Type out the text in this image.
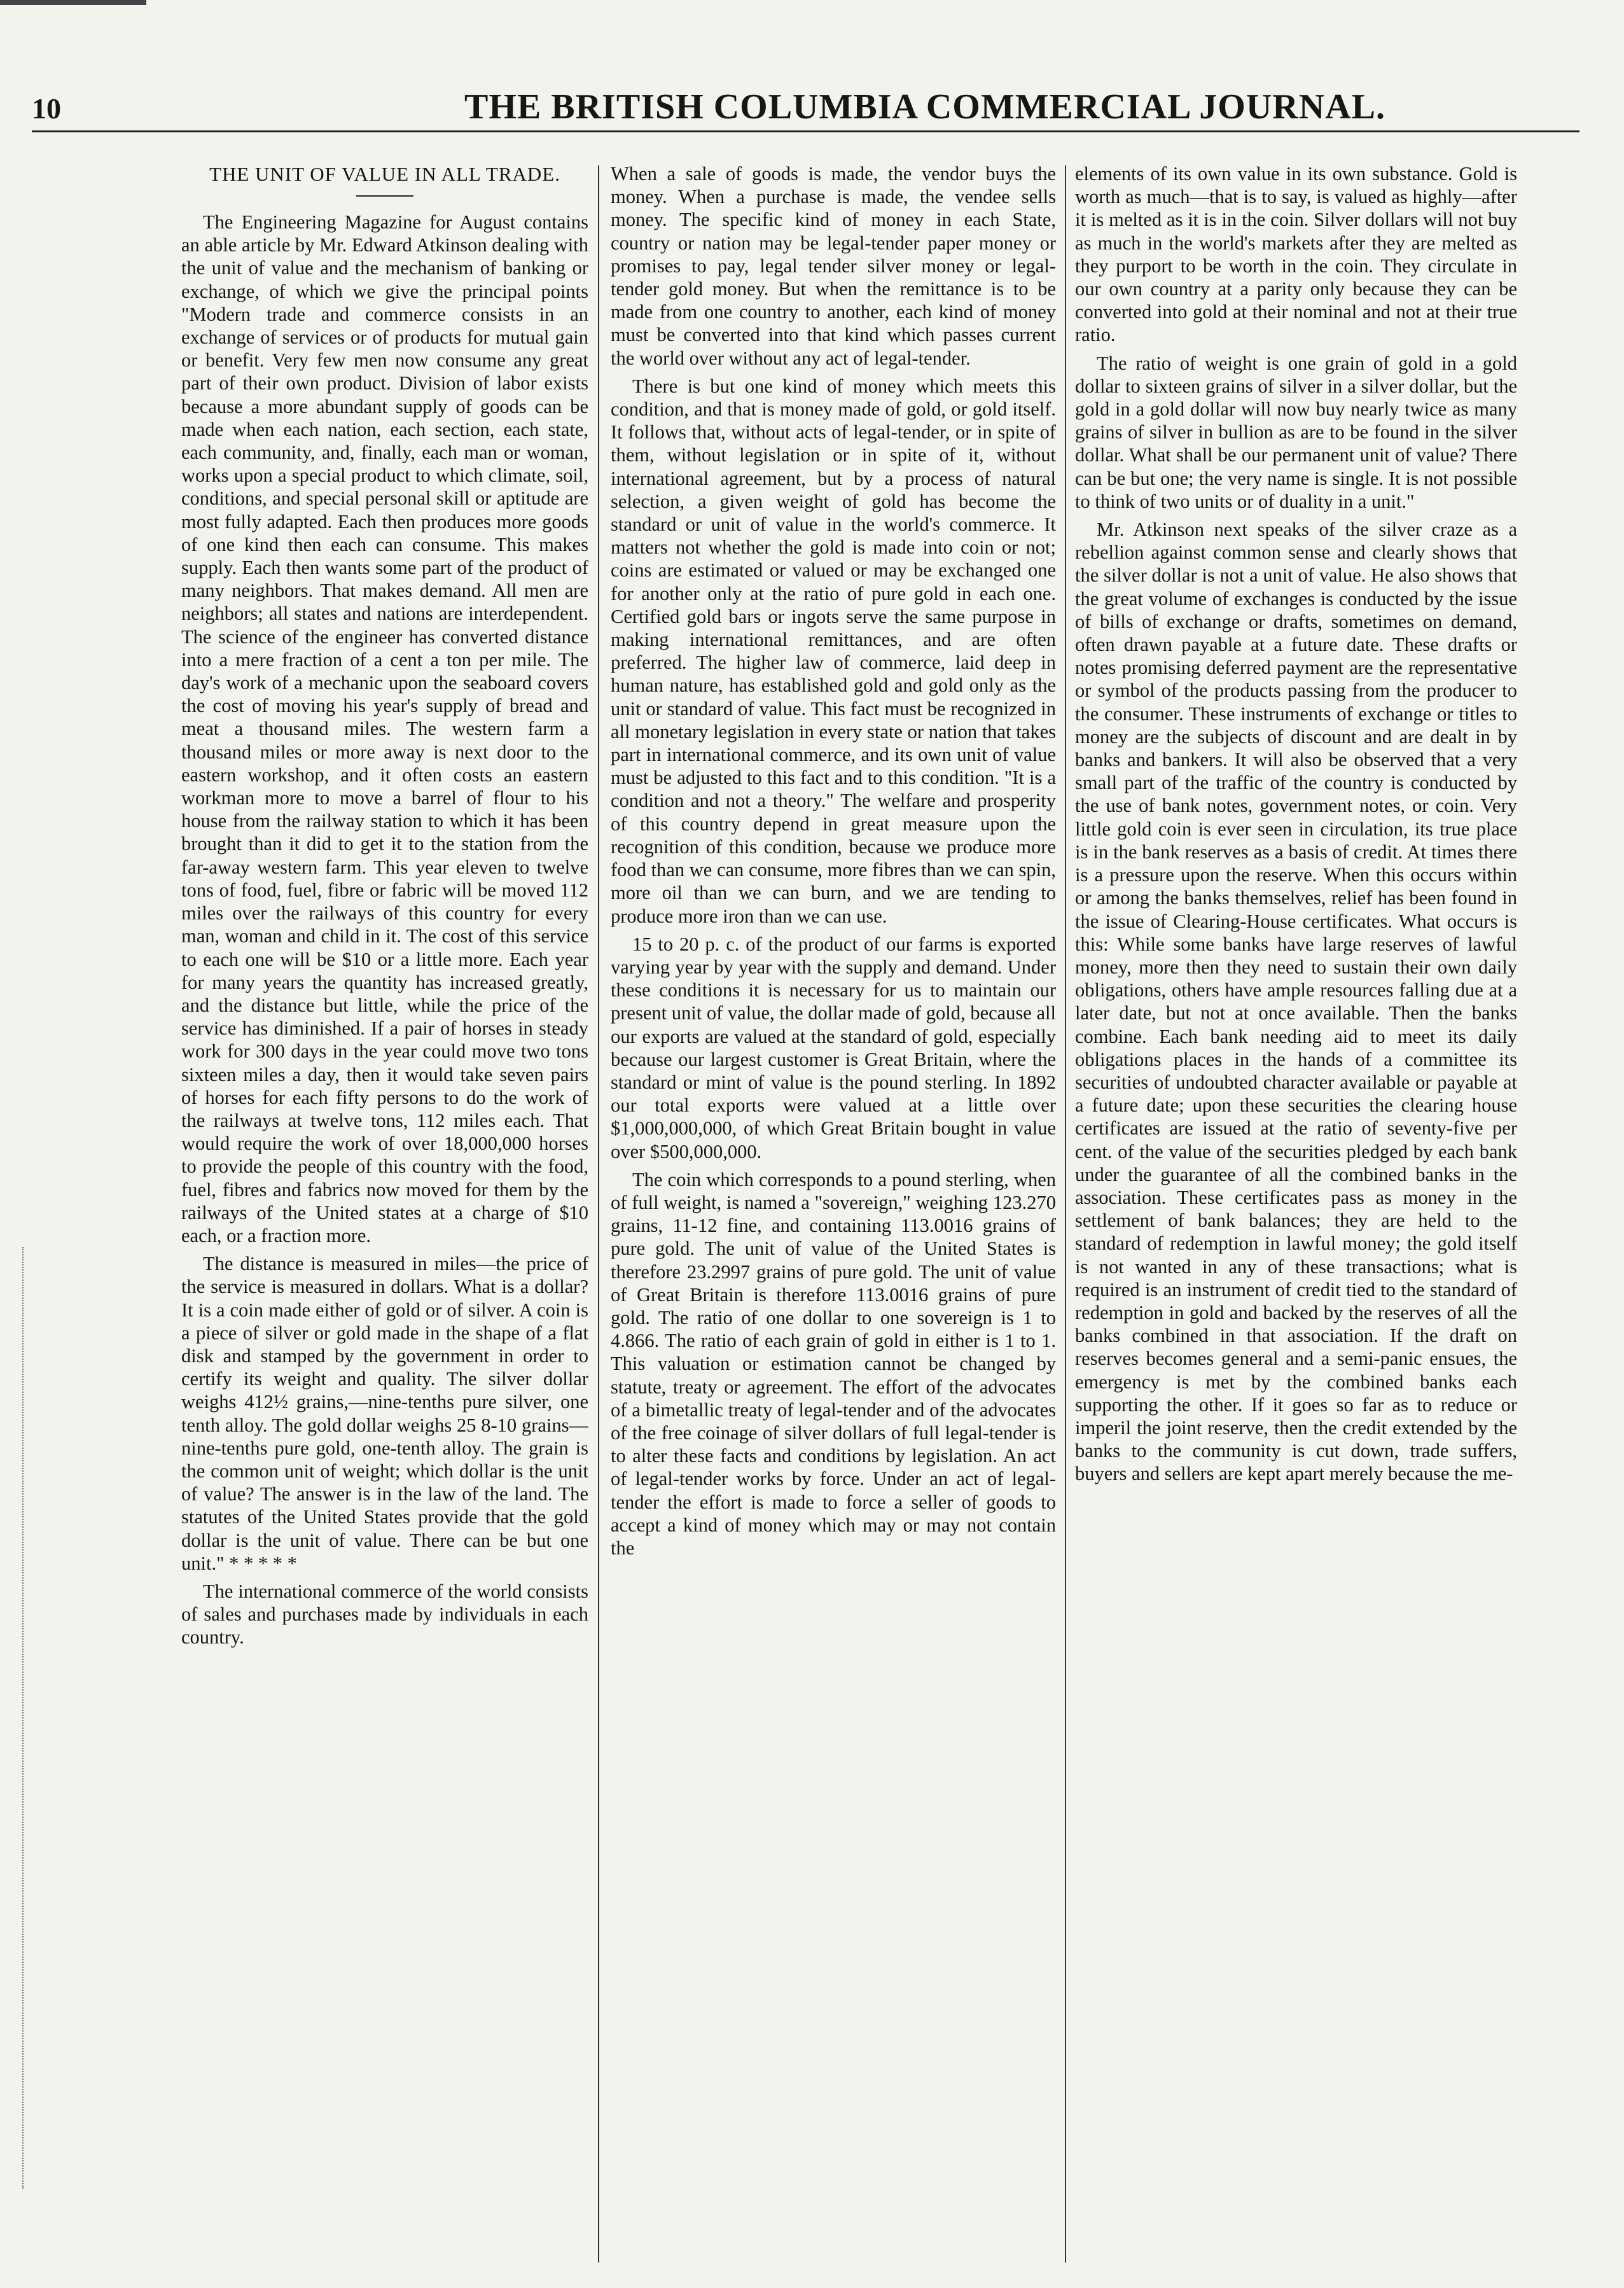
10	THE BRITISH COLUMBIA COMMERCIAL JOURNAL.
THE UNIT OF VALUE IN ALL TRADE.

The Engineering Magazine for August contains an able article by Mr. Edward Atkinson dealing with the unit of value and the mechanism of banking or exchange, of which we give the principal points "Modern trade and commerce consists in an exchange of services or of products for mutual gain or benefit. Very few men now consume any great part of their own product. Division of labor exists because a more abundant supply of goods can be made when each nation, each section, each state, each community, and, finally, each man or woman, works upon a special product to which climate, soil, conditions, and special personal skill or aptitude are most fully adapted. Each then produces more goods of one kind then each can consume. This makes supply. Each then wants some part of the product of many neighbors. That makes demand. All men are neighbors; all states and nations are interdependent. The science of the engineer has converted distance into a mere fraction of a cent a ton per mile. The day's work of a mechanic upon the seaboard covers the cost of moving his year's supply of bread and meat a thousand miles. The western farm a thousand miles or more away is next door to the eastern workshop, and it often costs an eastern workman more to move a barrel of flour to his house from the railway station to which it has been brought than it did to get it to the station from the far-away western farm. This year eleven to twelve tons of food, fuel, fibre or fabric will be moved 112 miles over the railways of this country for every man, woman and child in it. The cost of this service to each one will be $10 or a little more. Each year for many years the quantity has increased greatly, and the distance but little, while the price of the service has diminished. If a pair of horses in steady work for 300 days in the year could move two tons sixteen miles a day, then it would take seven pairs of horses for each fifty persons to do the work of the railways at twelve tons, 112 miles each. That would require the work of over 18,000,000 horses to provide the people of this country with the food, fuel, fibres and fabrics now moved for them by the railways of the United states at a charge of $10 each, or a fraction more.

The distance is measured in miles—the price of the service is measured in dollars. What is a dollar? It is a coin made either of gold or of silver. A coin is a piece of silver or gold made in the shape of a flat disk and stamped by the government in order to certify its weight and quality. The silver dollar weighs 412½ grains,—nine-tenths pure silver, one tenth alloy. The gold dollar weighs 25 8-10 grains—nine-tenths pure gold, one-tenth alloy. The grain is the common unit of weight; which dollar is the unit of value? The answer is in the law of the land. The statutes of the United States provide that the gold dollar is the unit of value. There can be but one unit." * * * * *

The international commerce of the world consists of sales and purchases made by individuals in each country.

When a sale of goods is made, the vendor buys the money. When a purchase is made, the vendee sells money. The specific kind of money in each State, country or nation may be legal-tender paper money or promises to pay, legal tender silver money or legal-tender gold money. But when the remittance is to be made from one country to another, each kind of money must be converted into that kind which passes current the world over without any act of legal-tender.

There is but one kind of money which meets this condition, and that is money made of gold, or gold itself. It follows that, without acts of legal-tender, or in spite of them, without legislation or in spite of it, without international agreement, but by a process of natural selection, a given weight of gold has become the standard or unit of value in the world's commerce. It matters not whether the gold is made into coin or not; coins are estimated or valued or may be exchanged one for another only at the ratio of pure gold in each one. Certified gold bars or ingots serve the same purpose in making international remittances, and are often preferred. The higher law of commerce, laid deep in human nature, has established gold and gold only as the unit or standard of value. This fact must be recognized in all monetary legislation in every state or nation that takes part in international commerce, and its own unit of value must be adjusted to this fact and to this condition. "It is a condition and not a theory." The welfare and prosperity of this country depend in great measure upon the recognition of this condition, because we produce more food than we can consume, more fibres than we can spin, more oil than we can burn, and we are tending to produce more iron than we can use.

15 to 20 p. c. of the product of our farms is exported varying year by year with the supply and demand. Under these conditions it is necessary for us to maintain our present unit of value, the dollar made of gold, because all our exports are valued at the standard of gold, especially because our largest customer is Great Britain, where the standard or mint of value is the pound sterling. In 1892 our total exports were valued at a little over $1,000,000,000, of which Great Britain bought in value over $500,000,000.

The coin which corresponds to a pound sterling, when of full weight, is named a "sovereign," weighing 123.270 grains, 11-12 fine, and containing 113.0016 grains of pure gold. The unit of value of the United States is therefore 23.2997 grains of pure gold. The unit of value of Great Britain is therefore 113.0016 grains of pure gold. The ratio of one dollar to one sovereign is 1 to 4.866. The ratio of each grain of gold in either is 1 to 1. This valuation or estimation cannot be changed by statute, treaty or agreement. The effort of the advocates of a bimetallic treaty of legal-tender and of the advocates of the free coinage of silver dollars of full legal-tender is to alter these facts and conditions by legislation. An act of legal-tender works by force. Under an act of legal-tender the effort is made to force a seller of goods to accept a kind of money which may or may not contain the

elements of its own value in its own substance. Gold is worth as much—that is to say, is valued as highly—after it is melted as it is in the coin. Silver dollars will not buy as much in the world's markets after they are melted as they purport to be worth in the coin. They circulate in our own country at a parity only because they can be converted into gold at their nominal and not at their true ratio.

The ratio of weight is one grain of gold in a gold dollar to sixteen grains of silver in a silver dollar, but the gold in a gold dollar will now buy nearly twice as many grains of silver in bullion as are to be found in the silver dollar. What shall be our permanent unit of value? There can be but one; the very name is single. It is not possible to think of two units or of duality in a unit."

Mr. Atkinson next speaks of the silver craze as a rebellion against common sense and clearly shows that the silver dollar is not a unit of value. He also shows that the great volume of exchanges is conducted by the issue of bills of exchange or drafts, sometimes on demand, often drawn payable at a future date. These drafts or notes promising deferred payment are the representative or symbol of the products passing from the producer to the consumer. These instruments of exchange or titles to money are the subjects of discount and are dealt in by banks and bankers. It will also be observed that a very small part of the traffic of the country is conducted by the use of bank notes, government notes, or coin. Very little gold coin is ever seen in circulation, its true place is in the bank reserves as a basis of credit. At times there is a pressure upon the reserve. When this occurs within or among the banks themselves, relief has been found in the issue of Clearing-House certificates. What occurs is this: While some banks have large reserves of lawful money, more then they need to sustain their own daily obligations, others have ample resources falling due at a later date, but not at once available. Then the banks combine. Each bank needing aid to meet its daily obligations places in the hands of a committee its securities of undoubted character available or payable at a future date; upon these securities the clearing house certificates are issued at the ratio of seventy-five per cent. of the value of the securities pledged by each bank under the guarantee of all the combined banks in the association. These certificates pass as money in the settlement of bank balances; they are held to the standard of redemption in lawful money; the gold itself is not wanted in any of these transactions; what is required is an instrument of credit tied to the standard of redemption in gold and backed by the reserves of all the banks combined in that association. If the draft on reserves becomes general and a semi-panic ensues, the emergency is met by the combined banks each supporting the other. If it goes so far as to reduce or imperil the joint reserve, then the credit extended by the banks to the community is cut down, trade suffers, buyers and sellers are kept apart merely because the me-
